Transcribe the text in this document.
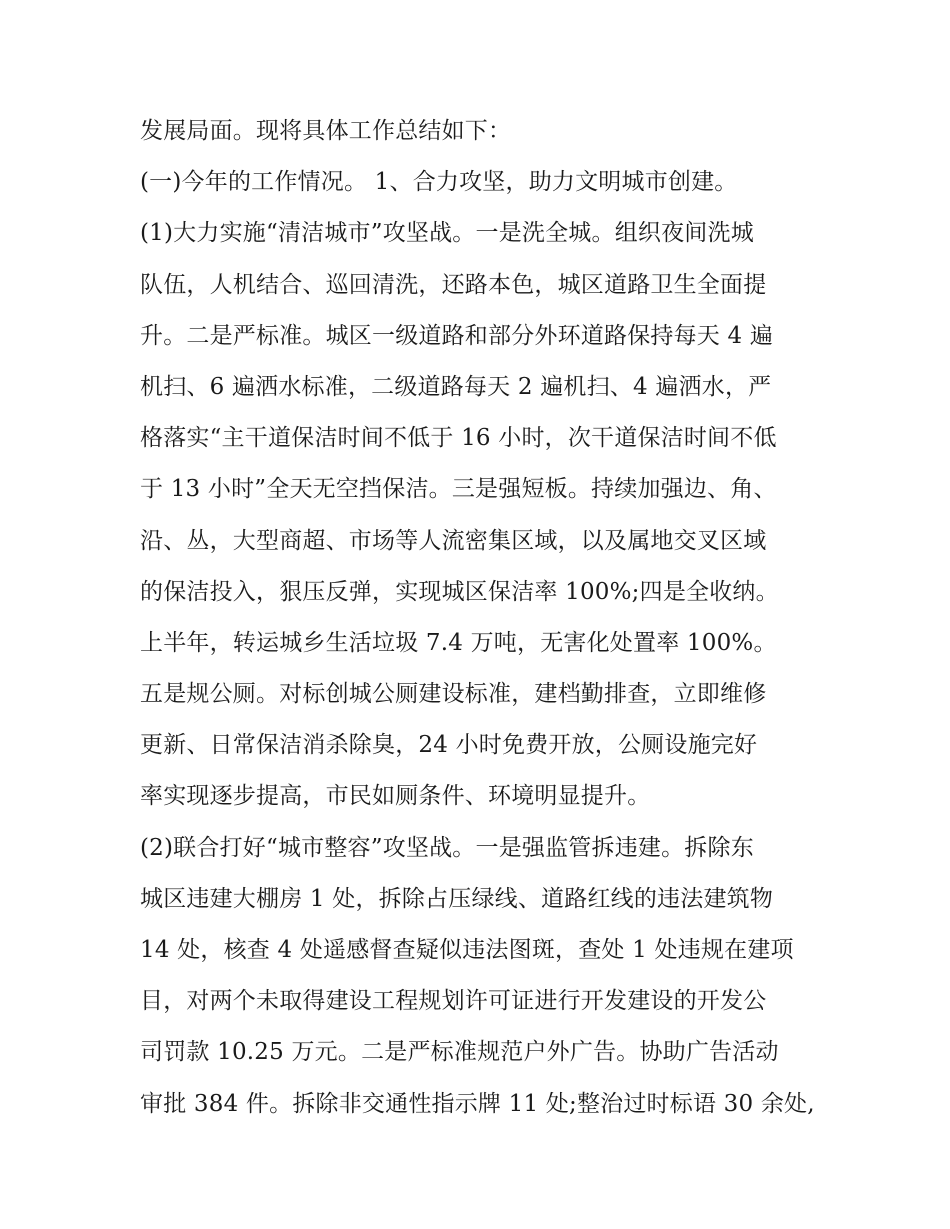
发展局面。现将具体工作总结如下：
(一)今年的工作情况。 1、合力攻坚，助力文明城市创建。
(1)大力实施“清洁城市”攻坚战。一是洗全城。组织夜间洗城
队伍，人机结合、巡回清洗，还路本色，城区道路卫生全面提
升。二是严标准。城区一级道路和部分外环道路保持每天 4 遍
机扫、6 遍洒水标准，二级道路每天 2 遍机扫、4 遍洒水，严
格落实“主干道保洁时间不低于 16 小时，次干道保洁时间不低
于 13 小时”全天无空挡保洁。三是强短板。持续加强边、角、
沿、丛，大型商超、市场等人流密集区域，以及属地交叉区域
的保洁投入，狠压反弹，实现城区保洁率 100%;四是全收纳。
上半年，转运城乡生活垃圾 7.4 万吨，无害化处置率 100%。
五是规公厕。对标创城公厕建设标准，建档勤排查，立即维修
更新、日常保洁消杀除臭，24 小时免费开放，公厕设施完好
率实现逐步提高，市民如厕条件、环境明显提升。
(2)联合打好“城市整容”攻坚战。一是强监管拆违建。拆除东
城区违建大棚房 1 处，拆除占压绿线、道路红线的违法建筑物
14 处，核查 4 处遥感督查疑似违法图斑，查处 1 处违规在建项
目，对两个未取得建设工程规划许可证进行开发建设的开发公
司罚款 10.25 万元。二是严标准规范户外广告。协助广告活动
审批 384 件。拆除非交通性指示牌 11 处;整治过时标语 30 余处,
